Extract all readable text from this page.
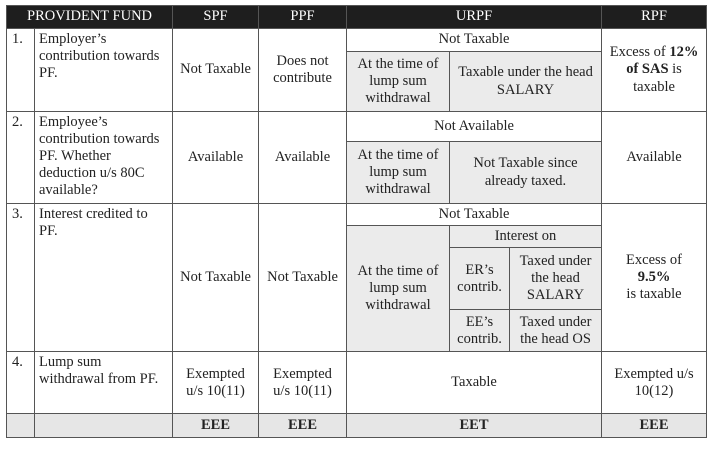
PROVIDENT FUND		SPF	PPF	URPF			RPF
1.	Employer’s contribution towards PF.	Not Taxable	Does not contribute	Not Taxable			Excess of 12% of SAS is taxable
				At the time of lump sum withdrawal	Taxable under the head SALARY		
2.	Employee’s contribution towards PF. Whether deduction u/s 80C available?	Available	Available	Not Available			Available
				At the time of lump sum withdrawal	Not Taxable since already taxed.		
3.	Interest credited to PF.	Not Taxable	Not Taxable	Not Taxable			Excess of
9.5%
is taxable
				At the time of lump sum withdrawal	Interest on		
					ER’s contrib.	Taxed under the head SALARY	
					EE’s contrib.	Taxed under the head OS	
4.	Lump sum withdrawal from PF.	Exempted u/s 10(11)	Exempted u/s 10(11)	Taxable			Exempted u/s 10(12)
		EEE	EEE	EET			EEE
